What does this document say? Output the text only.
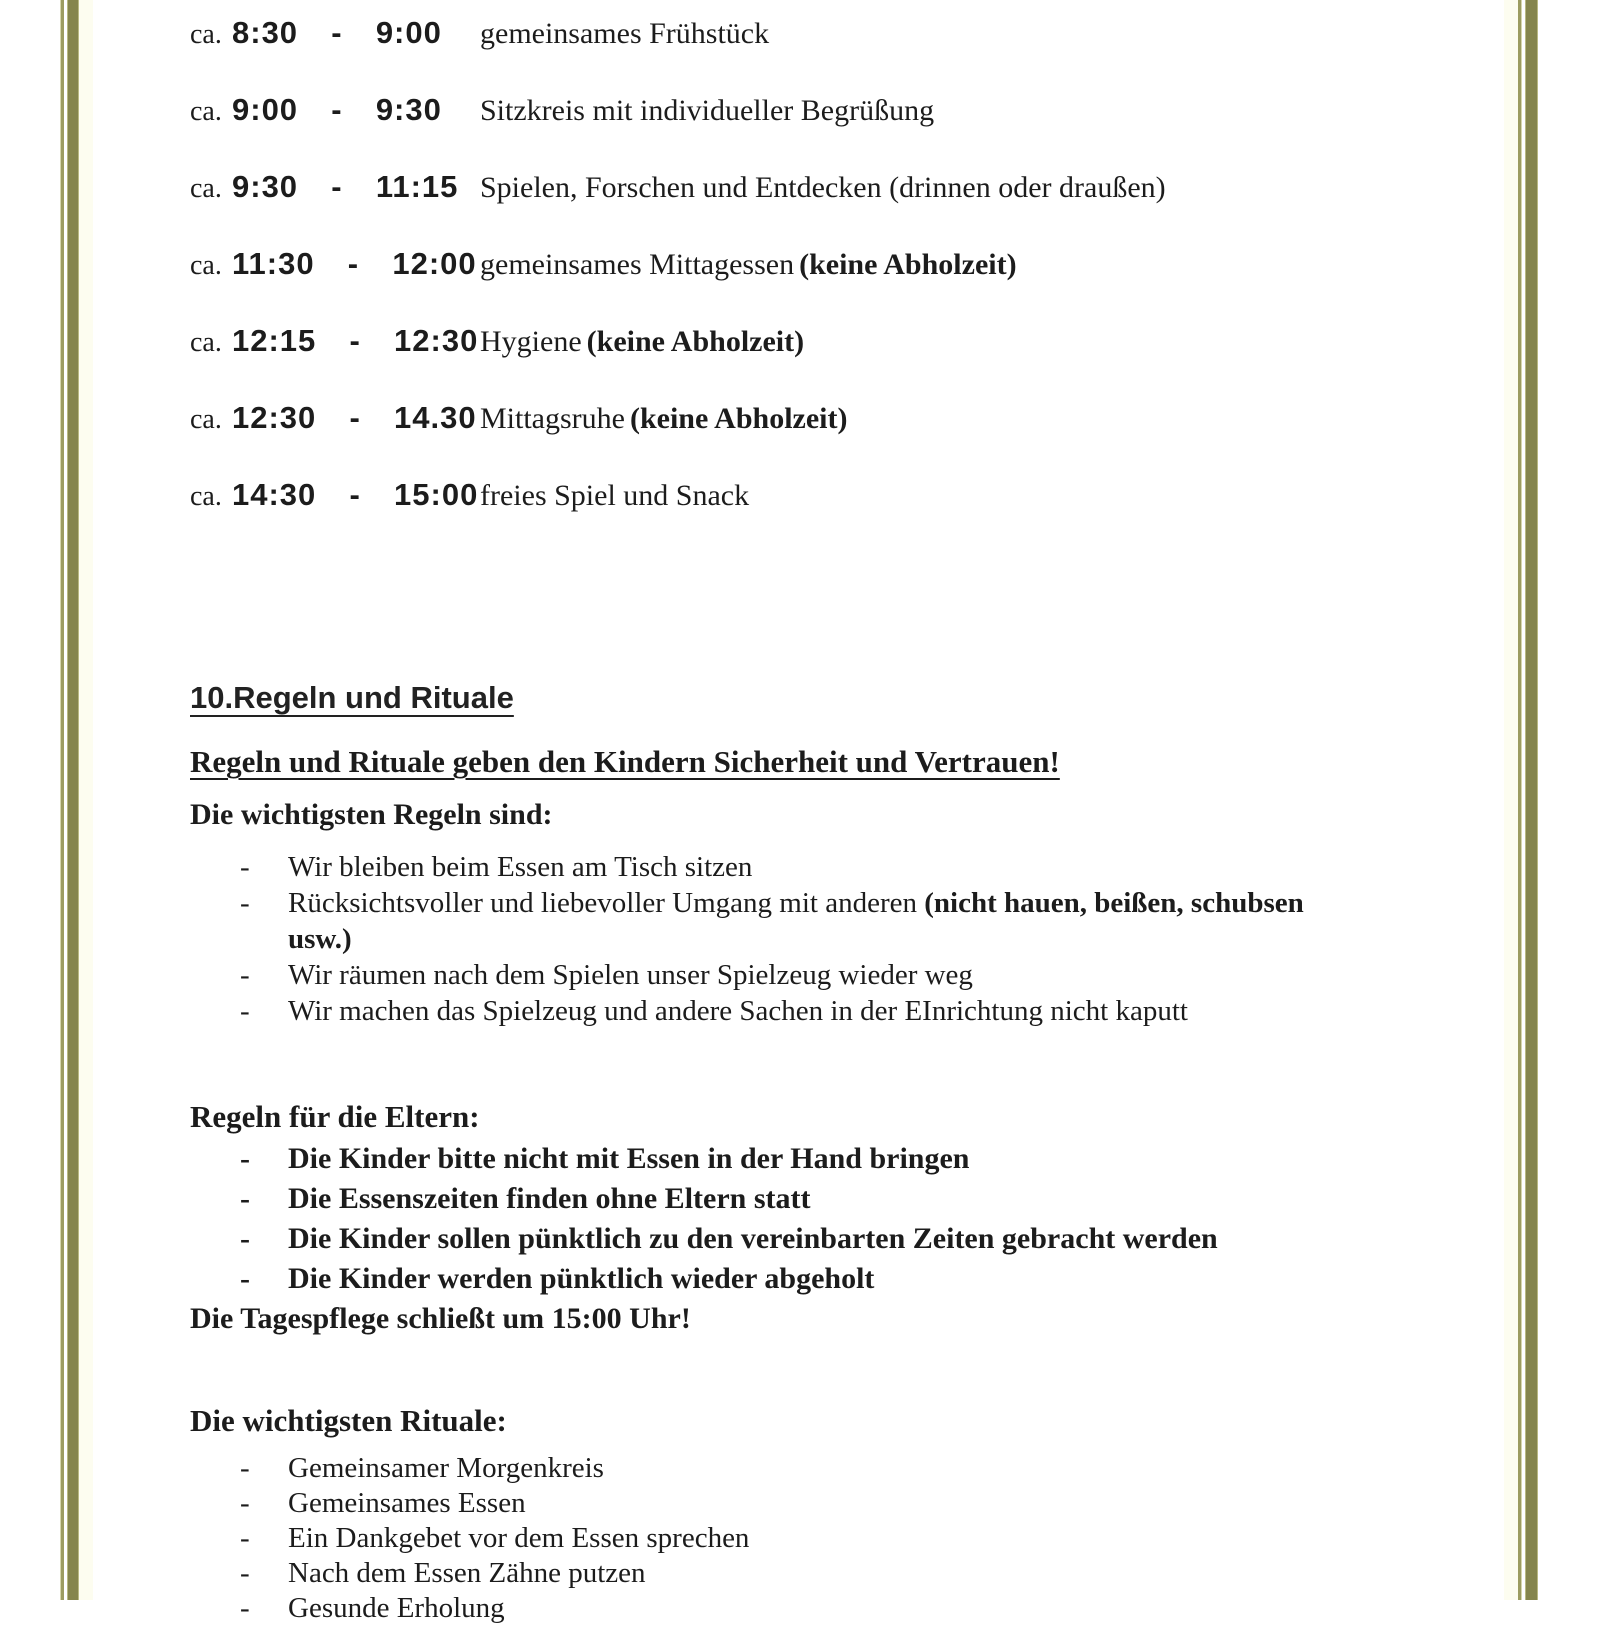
ca. 8:30  -  9:00	gemeinsames Frühstück
ca. 9:00  -  9:30	Sitzkreis mit individueller Begrüßung
ca. 9:30  -  11:15 Spielen, Forschen und Entdecken (drinnen oder draußen)
ca. 11:30  -  12:00 gemeinsames Mittagessen (keine Abholzeit)
ca. 12:15  -  12:30 Hygiene (keine Abholzeit)
ca. 12:30  -  14.30 Mittagsruhe (keine Abholzeit)
ca. 14:30  -  15:00 freies Spiel und Snack
10.Regeln und Rituale
Regeln und Rituale geben den Kindern Sicherheit und Vertrauen!
Die wichtigsten Regeln sind:
-	Wir bleiben beim Essen am Tisch sitzen
-	Rücksichtsvoller und liebevoller Umgang mit anderen (nicht hauen, beißen, schubsen usw.)
-	Wir räumen nach dem Spielen unser Spielzeug wieder weg
-	Wir machen das Spielzeug und andere Sachen in der EInrichtung nicht kaputt
Regeln für die Eltern:
-	Die Kinder bitte nicht mit Essen in der Hand bringen
-	Die Essenszeiten finden ohne Eltern statt
-	Die Kinder sollen pünktlich zu den vereinbarten Zeiten gebracht werden
-	Die Kinder werden pünktlich wieder abgeholt
Die Tagespflege schließt um 15:00 Uhr!
Die wichtigsten Rituale:
-	Gemeinsamer Morgenkreis
-	Gemeinsames Essen
-	Ein Dankgebet vor dem Essen sprechen
-	Nach dem Essen Zähne putzen
-	Gesunde Erholung
